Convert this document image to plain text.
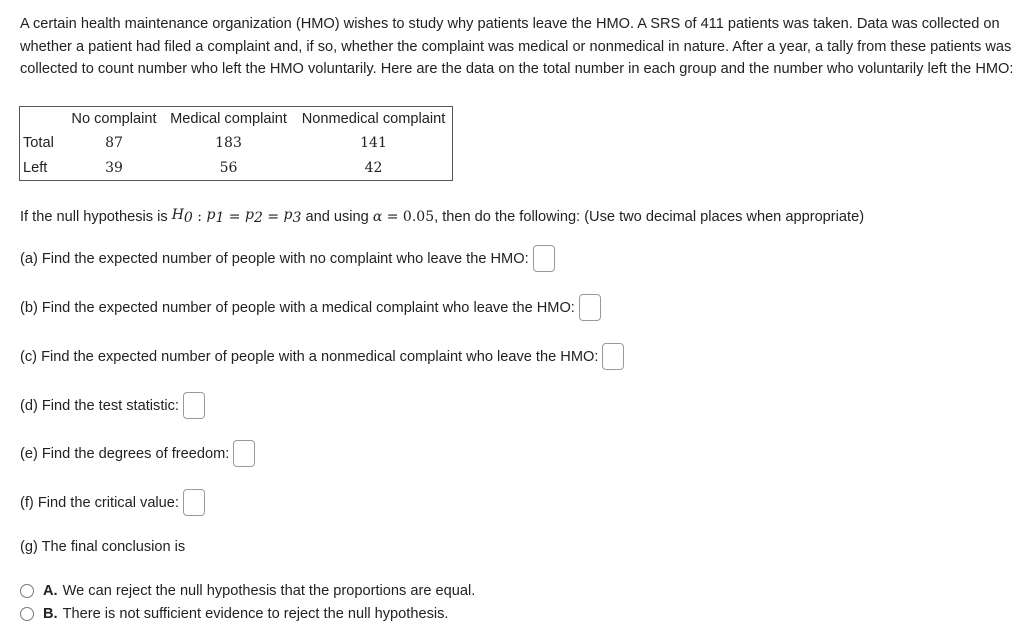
A certain health maintenance organization (HMO) wishes to study why patients leave the HMO. A SRS of 411 patients was taken. Data was collected on whether a patient had filed a complaint and, if so, whether the complaint was medical or nonmedical in nature. After a year, a tally from these patients was collected to count number who left the HMO voluntarily. Here are the data on the total number in each group and the number who voluntarily left the HMO:

	No complaint	Medical complaint	Nonmedical complaint
Total	87	183	141
Left	39	56	42

If the null hypothesis is $H_0$ : $p_1 = p_2 = p_3$ and using α = 0.05 , then do the following: (Use two decimal places when appropriate)

(a) Find the expected number of people with no complaint who leave the HMO:

(b) Find the expected number of people with a medical complaint who leave the HMO:

(c) Find the expected number of people with a nonmedical complaint who leave the HMO:

(d) Find the test statistic:

(e) Find the degrees of freedom:

(f) Find the critical value:

(g) The final conclusion is

A. We can reject the null hypothesis that the proportions are equal.
B. There is not sufficient evidence to reject the null hypothesis.
